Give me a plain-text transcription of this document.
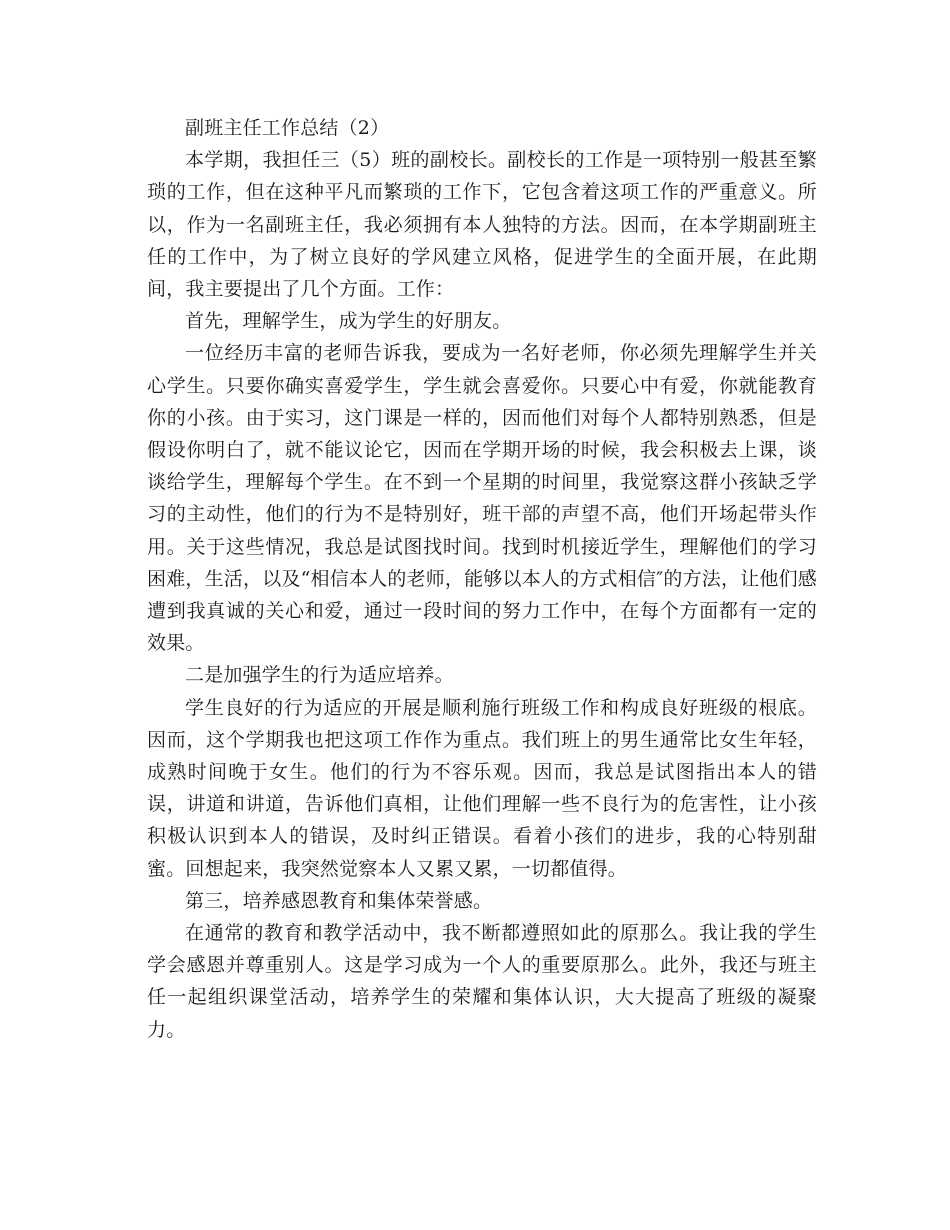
副班主任工作总结（2）

本学期，我担任三（5）班的副校长。副校长的工作是一项特别一般甚至繁琐的工作，但在这种平凡而繁琐的工作下，它包含着这项工作的严重意义。所以，作为一名副班主任，我必须拥有本人独特的方法。因而，在本学期副班主任的工作中，为了树立良好的学风建立风格，促进学生的全面开展，在此期间，我主要提出了几个方面。工作：

首先，理解学生，成为学生的好朋友。

一位经历丰富的老师告诉我，要成为一名好老师，你必须先理解学生并关心学生。只要你确实喜爱学生，学生就会喜爱你。只要心中有爱，你就能教育你的小孩。由于实习，这门课是一样的，因而他们对每个人都特别熟悉，但是假设你明白了，就不能议论它，因而在学期开场的时候，我会积极去上课，谈谈给学生，理解每个学生。在不到一个星期的时间里，我觉察这群小孩缺乏学习的主动性，他们的行为不是特别好，班干部的声望不高，他们开场起带头作用。关于这些情况，我总是试图找时间。找到时机接近学生，理解他们的学习困难，生活，以及“相信本人的老师，能够以本人的方式相信″的方法，让他们感遭到我真诚的关心和爱，通过一段时间的努力工作中，在每个方面都有一定的效果。

二是加强学生的行为适应培养。

学生良好的行为适应的开展是顺利施行班级工作和构成良好班级的根底。因而，这个学期我也把这项工作作为重点。我们班上的男生通常比女生年轻，成熟时间晚于女生。他们的行为不容乐观。因而，我总是试图指出本人的错误，讲道和讲道，告诉他们真相，让他们理解一些不良行为的危害性，让小孩积极认识到本人的错误，及时纠正错误。看着小孩们的进步，我的心特别甜蜜。回想起来，我突然觉察本人又累又累，一切都值得。

第三，培养感恩教育和集体荣誉感。

在通常的教育和教学活动中，我不断都遵照如此的原那么。我让我的学生学会感恩并尊重别人。这是学习成为一个人的重要原那么。此外，我还与班主任一起组织课堂活动，培养学生的荣耀和集体认识，大大提高了班级的凝聚力。
